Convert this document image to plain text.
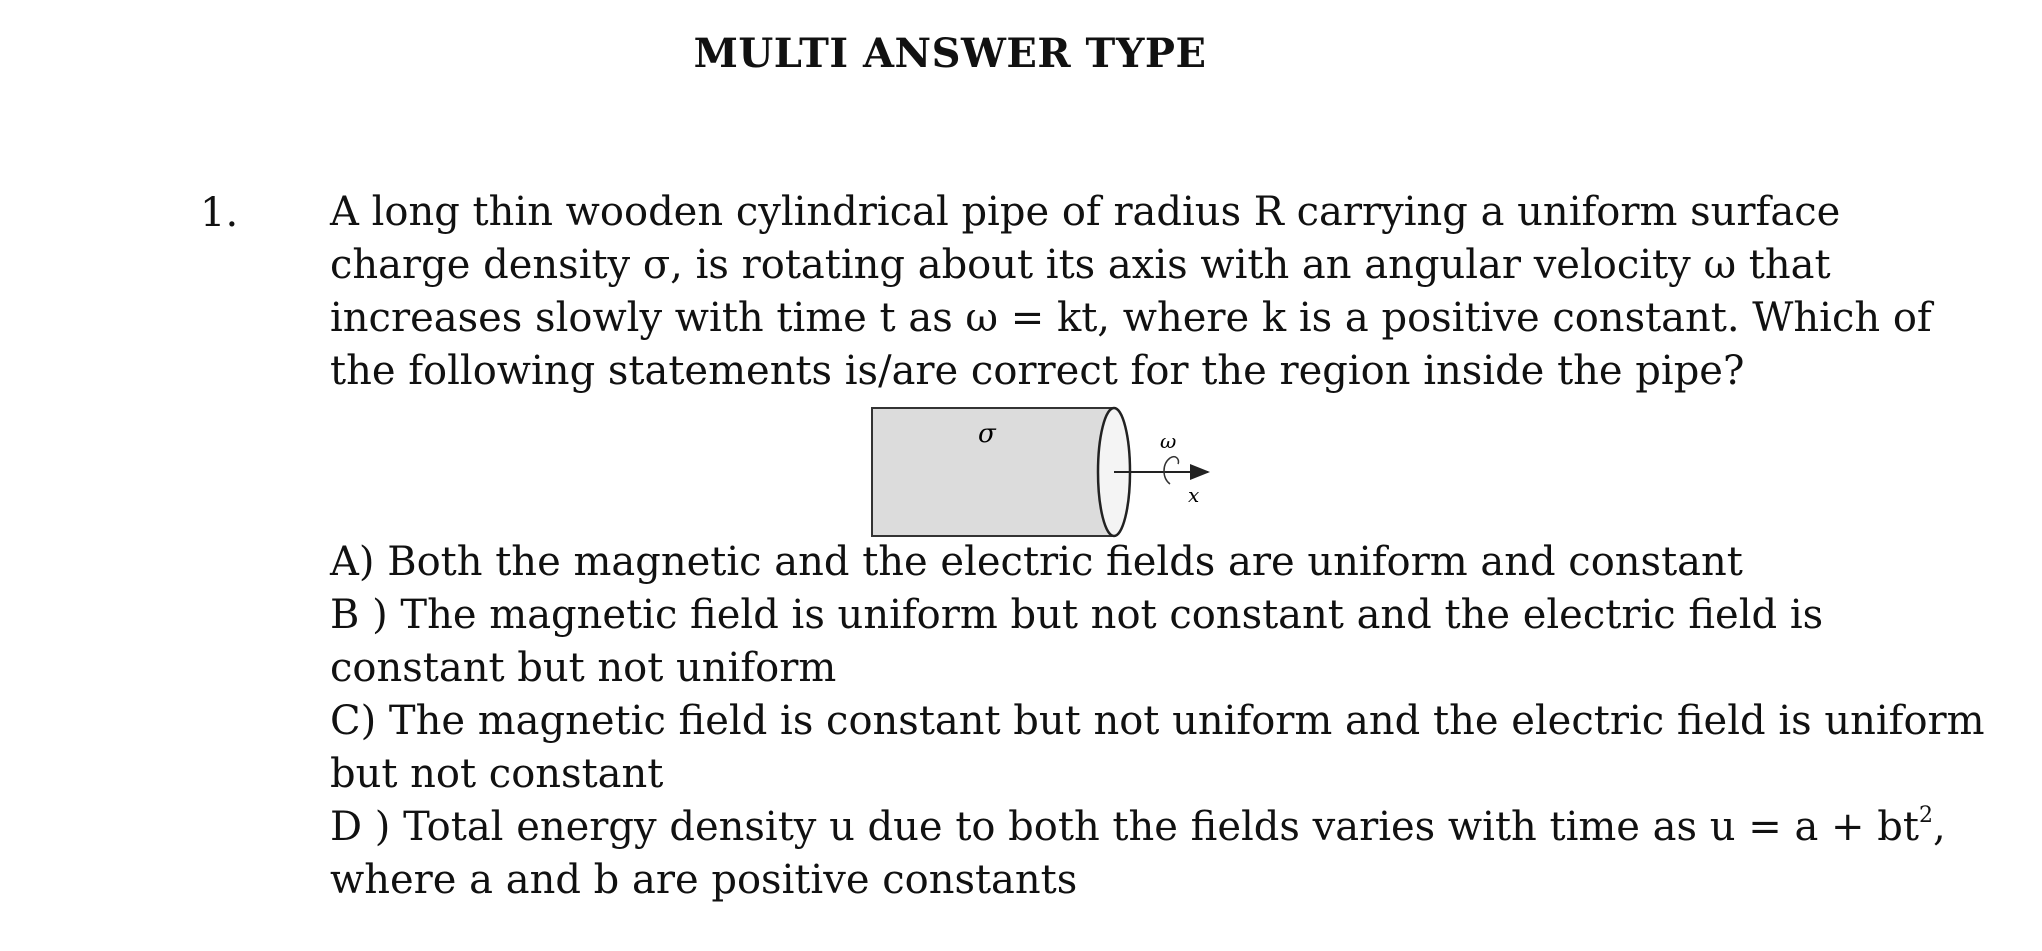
MULTI ANSWER TYPE
1. A long thin wooden cylindrical pipe of radius R carrying a uniform surface
charge density σ, is rotating about its axis with an angular velocity ω that
increases slowly with time t as ω = kt, where k is a positive constant. Which of
the following statements is/are correct for the region inside the pipe?
σ	ω
x
A) Both the magnetic and the electric fields are uniform and constant
B ) The magnetic field is uniform but not constant and the electric field is
constant but not uniform
C) The magnetic field is constant but not uniform and the electric field is uniform
but not constant
D ) Total energy density u due to both the fields varies with time as $u = a + bt^2$,
where a and b are positive constants
